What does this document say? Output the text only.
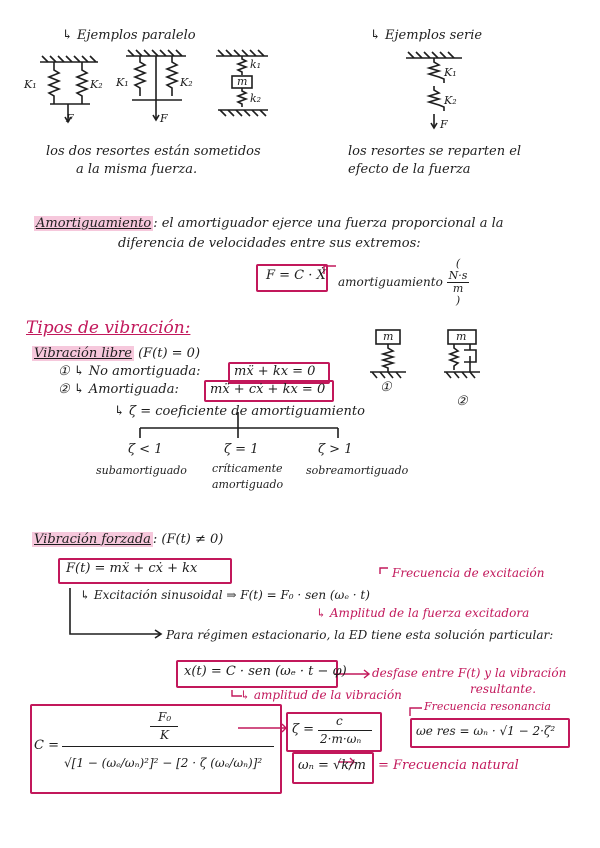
↳ Ejemplos paralelo	↳ Ejemplos serie
K₁	K₂
F
K₁	K₂
F
k₁
m
k₂
K₁
K₂
F
los dos resortes están sometidos
a la misma fuerza.
los resortes se reparten el
efecto de la fuerza
Amortiguamiento : el amortiguador ejerce una fuerza proporcional a la
diferencia de velocidades entre sus extremos:
F = C · Ẋ amortiguamiento (
N·s
m
)
Tipos de vibración:
Vibración libre (F(t) = 0)
① ↳ No amortiguada:	mẍ + kx = 0
② ↳ Amortiguada: mẍ + cẋ + kx = 0
↳ ζ = coeficiente de amortiguamiento
ζ < 1	ζ = 1	ζ > 1
subamortiguado críticamente
amortiguado
sobreamortiguado
m	m
①
②
Vibración forzada : (F(t) ≠ 0)
F(t) = mẍ + cẋ + kx	Frecuencia de excitación
↳ Excitación sinusoidal ⇒ F(t) = F₀ · sen (ωₑ · t)
↳ Amplitud de la fuerza excitadora
Para régimen estacionario, la ED tiene esta solución particular:
x(t) = C · sen (ωₑ · t − φ) desfase entre F(t) y la vibración
resultante.
↳ amplitud de la vibración
C =
F₀
K
√[1 − (ωₑ/ωₙ)²]² − [2 · ζ (ωₑ/ωₙ)]²
ζ =
c
2·m·ωₙ
Frecuencia resonancia
ωe res = ωₙ · √1 − 2·ζ²
ωₙ = √k/m = Frecuencia natural
